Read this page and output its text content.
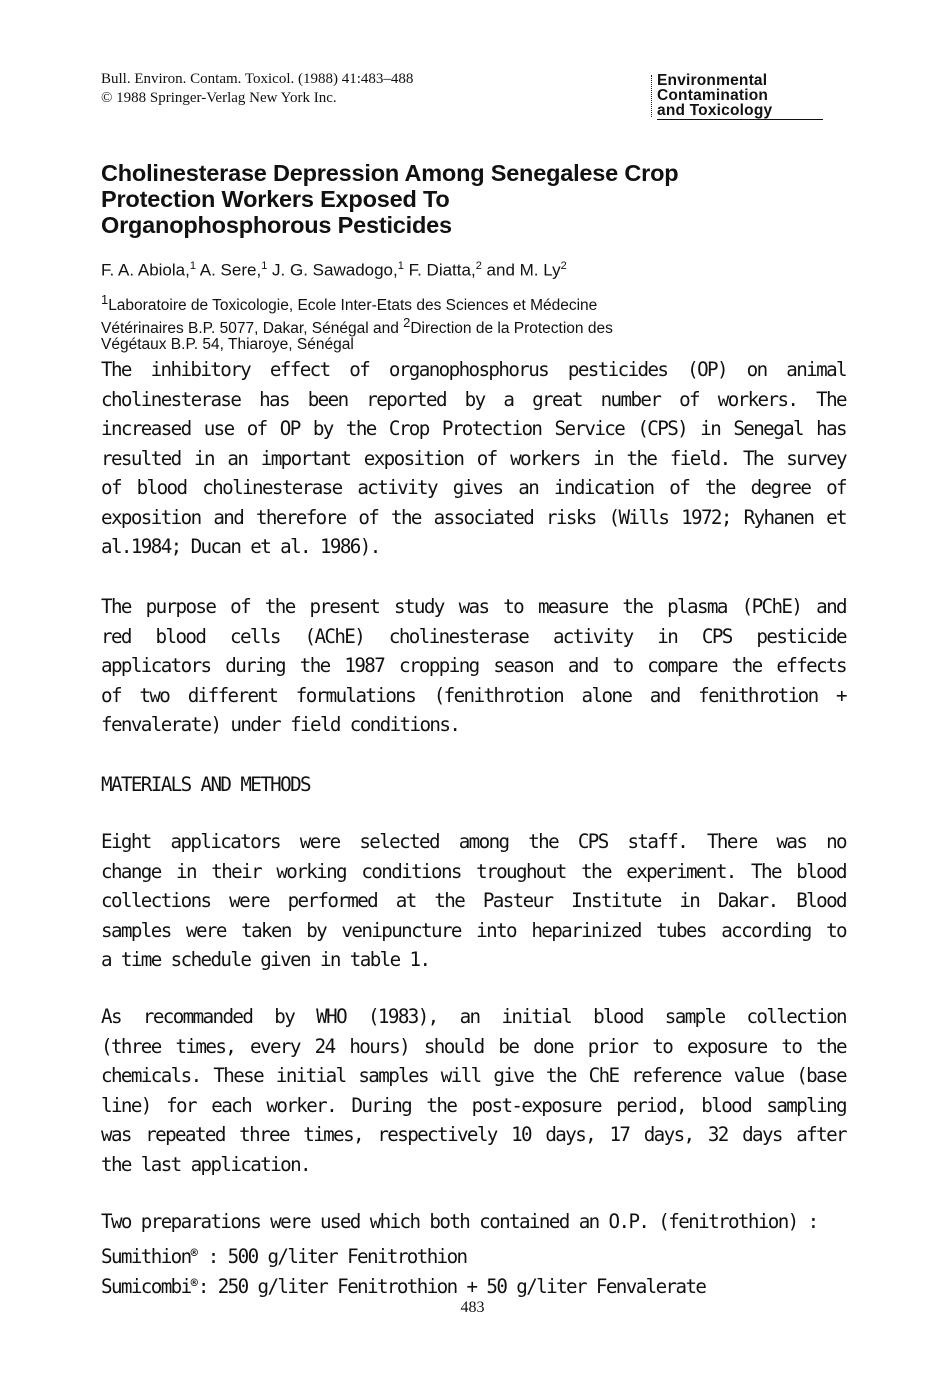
Bull. Environ. Contam. Toxicol. (1988) 41:483–488
© 1988 Springer-Verlag New York Inc.
Environmental
Contamination
and Toxicology
Cholinesterase Depression Among Senegalese Crop
Protection Workers Exposed To
Organophosphorous Pesticides
F. A. Abiola,$^1$ A. Sere,$^1$ J. G. Sawadogo,$^1$ F. Diatta,$^2$ and M. Ly$^2$
$^1$Laboratoire de Toxicologie, Ecole Inter-Etats des Sciences et Médecine
Vétérinaires B.P. 5077, Dakar, Sénégal and $^2$Direction de la Protection des
Végétaux B.P. 54, Thiaroye, Sénégal
The inhibitory effect of organophosphorus pesticides (OP) on animal
cholinesterase has been reported by a great number of workers. The
increased use of OP by the Crop Protection Service (CPS) in Senegal has
resulted in an important exposition of workers in the field. The survey
of blood cholinesterase activity gives an indication of the degree of
exposition and therefore of the associated risks (Wills 1972; Ryhanen et
al.1984; Ducan et al. 1986).
The purpose of the present study was to measure the plasma (PChE) and
red blood cells (AChE) cholinesterase activity in CPS pesticide
applicators during the 1987 cropping season and to compare the effects
of two different formulations (fenithrotion alone and fenithrotion +
fenvalerate) under field conditions.
MATERIALS AND METHODS
Eight applicators were selected among the CPS staff. There was no
change in their working conditions troughout the experiment. The blood
collections were performed at the Pasteur Institute in Dakar. Blood
samples were taken by venipuncture into heparinized tubes according to
a time schedule given in table 1.
As recommanded by WHO (1983), an initial blood sample collection
(three times, every 24 hours) should be done prior to exposure to the
chemicals. These initial samples will give the ChE reference value (base
line) for each worker. During the post-exposure period, blood sampling
was repeated three times, respectively 10 days, 17 days, 32 days after
the last application.
Two preparations were used which both contained an O.P. (fenitrothion) :
Sumithion® : 500 g/liter Fenitrothion
Sumicombi®: 250 g/liter Fenitrothion + 50 g/liter Fenvalerate
483
